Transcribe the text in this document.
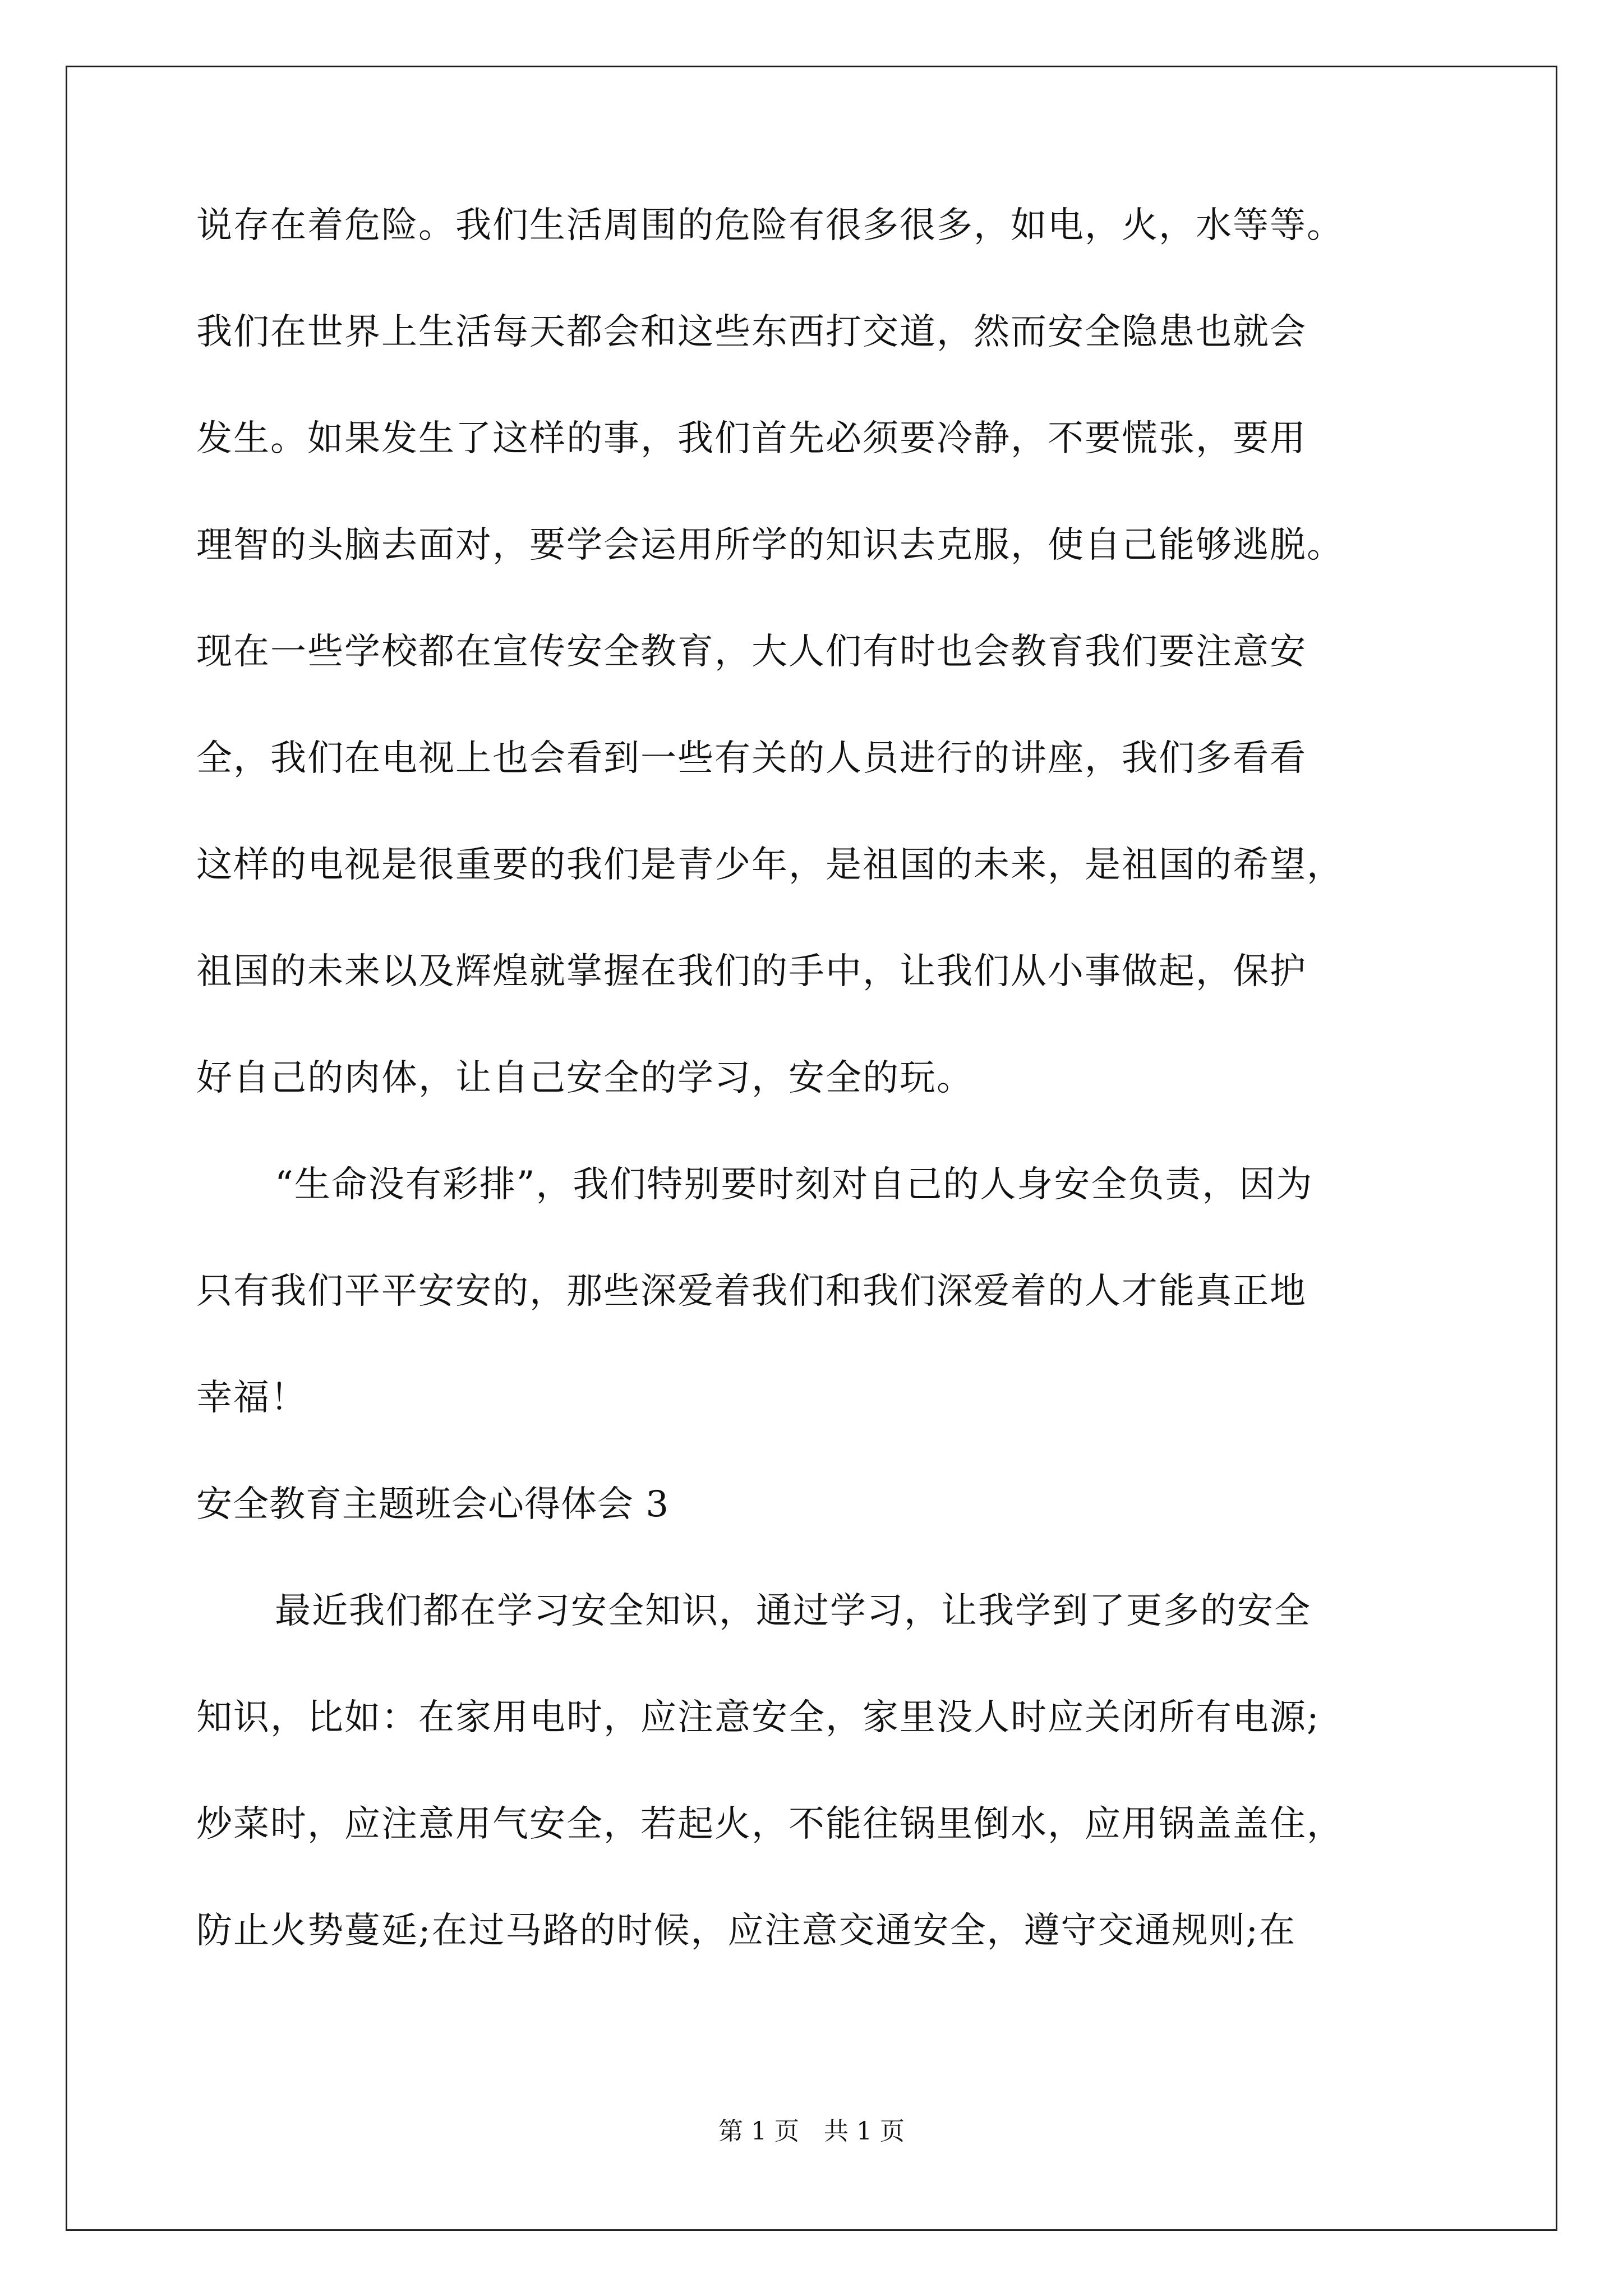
说存在着危险。我们生活周围的危险有很多很多，如电，火，水等等。
我们在世界上生活每天都会和这些东西打交道，然而安全隐患也就会
发生。如果发生了这样的事，我们首先必须要冷静，不要慌张，要用
理智的头脑去面对，要学会运用所学的知识去克服，使自己能够逃脱。
现在一些学校都在宣传安全教育，大人们有时也会教育我们要注意安
全，我们在电视上也会看到一些有关的人员进行的讲座，我们多看看
这样的电视是很重要的我们是青少年，是祖国的未来，是祖国的希望，
祖国的未来以及辉煌就掌握在我们的手中，让我们从小事做起，保护
好自己的肉体，让自己安全的学习，安全的玩。
“生命没有彩排”，我们特别要时刻对自己的人身安全负责，因为
只有我们平平安安的，那些深爱着我们和我们深爱着的人才能真正地
幸福！
安全教育主题班会心得体会 3
最近我们都在学习安全知识，通过学习，让我学到了更多的安全
知识，比如：在家用电时，应注意安全，家里没人时应关闭所有电源;
炒菜时，应注意用气安全，若起火，不能往锅里倒水，应用锅盖盖住，
防止火势蔓延;在过马路的时候，应注意交通安全，遵守交通规则;在
第 1 页 共 1 页
